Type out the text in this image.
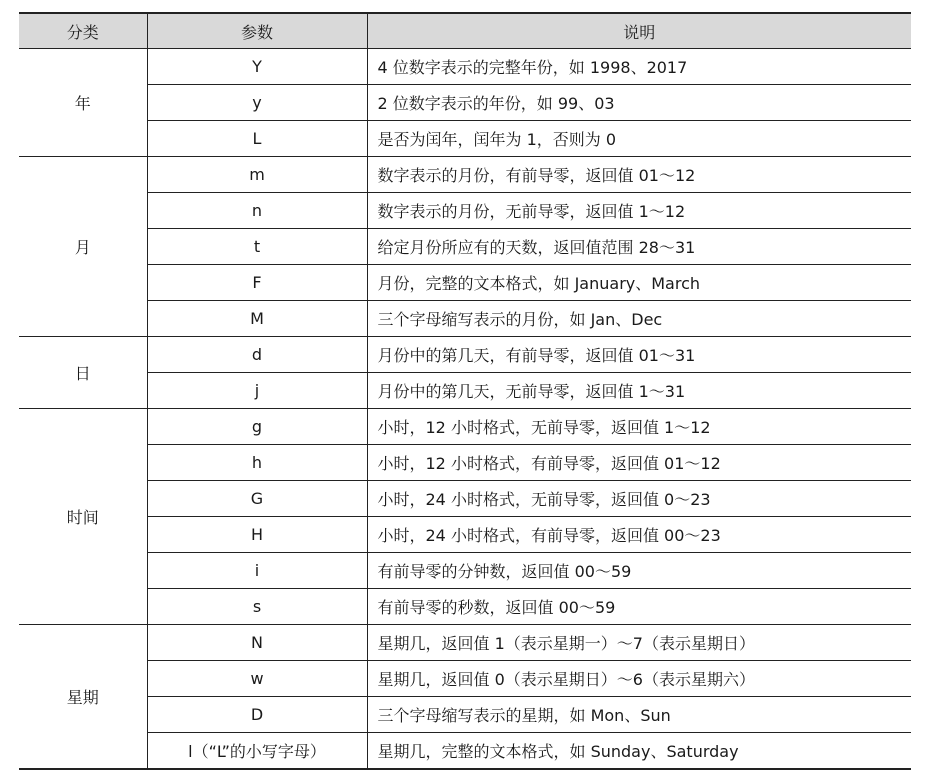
分类	参数	说明
年	Y	4 位数字表示的完整年份，如 1998、2017
	y	2 位数字表示的年份，如 99、03
	L	是否为闰年，闰年为 1，否则为 0
月	m	数字表示的月份，有前导零，返回值 01～12
	n	数字表示的月份，无前导零，返回值 1～12
	t	给定月份所应有的天数，返回值范围 28～31
	F	月份，完整的文本格式，如 January、March
	M	三个字母缩写表示的月份，如 Jan、Dec
日	d	月份中的第几天，有前导零，返回值 01～31
	j	月份中的第几天，无前导零，返回值 1～31
时间	g	小时，12 小时格式，无前导零，返回值 1～12
	h	小时，12 小时格式，有前导零，返回值 01～12
	G	小时，24 小时格式，无前导零，返回值 0～23
	H	小时，24 小时格式，有前导零，返回值 00～23
	i	有前导零的分钟数，返回值 00～59
	s	有前导零的秒数，返回值 00～59
星期	N	星期几，返回值 1（表示星期一）～7（表示星期日）
	w	星期几，返回值 0（表示星期日）～6（表示星期六）
	D	三个字母缩写表示的星期，如 Mon、Sun
	l（“L”的小写字母）	星期几，完整的文本格式，如 Sunday、Saturday
